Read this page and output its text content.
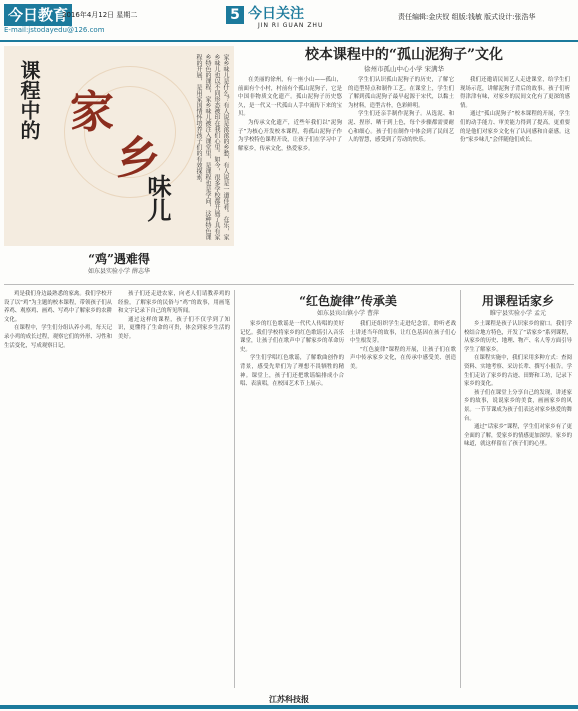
今日教育
2016年4月12日 星期二
E-mail:jstodayedu@126.com
5 今日关注
JIN RI GUAN ZHU
责任编辑:金庆钗 组版:钱敏 版式设计:张浩华
课程中的 家
乡
味儿	家乡味儿是什么？有人说是浓浓的乡愁，有人说是一道佳肴。在乐，家乡味儿也以不同形态被印在我们心里。如今，很多学校都开展了具有家乡特色的课程，家乡味儿被注入课堂里，是课程也是学问，这种特色课程的开展，是用家国情怀培养孩子们的有效探索。	校本课程中的“孤山泥狗子”文化
徐州市孤山中心小学 宋满华

在美丽的徐州，有一座小山——孤山，前面有个小村，村前有个孤山泥狗子，它是中国非物质文化遗产。孤山泥狗子历史悠久，是一代又一代孤山人手中流传下来的宝贝。

为传承文化遗产，近些年我们以“泥狗子”为核心开发校本课程，将孤山泥狗子作为学校特色课程开设，让孩子们在学习中了解家乡，传承文化，热爱家乡。

学生们认识孤山泥狗子的历史，了解它的造型特点和制作工艺。在课堂上，学生们了解到孤山泥狗子最早起源于宋代，以黏土为材料，造型古朴，色彩鲜明。

学生们还亲手制作泥狗子。从选泥、和泥、捏形、晒干到上色，每个步骤都需要耐心和细心。孩子们在制作中体会到了民间艺人的智慧，感受到了劳动的快乐。

我们还邀请民间艺人走进课堂，给学生们现场示范，讲解泥狗子背后的故事。孩子们听得津津有味，对家乡的民间文化有了更深的感情。

通过“孤山泥狗子”校本课程的开展，学生们的动手能力、审美能力得到了提高，更重要的是他们对家乡文化有了认同感和自豪感。这份“家乡味儿”会伴随他们成长。

“鸡”遇难得
如东县实验小学 薛志华

鸡是我们身边最熟悉的家禽。我们学校开设了以“鸡”为主题的校本课程，带领孩子们从养鸡、观察鸡、画鸡、写鸡中了解家乡的农耕文化。

在课程中，学生们分组认养小鸡，每天记录小鸡的成长过程，观察它们的外形、习性和生活变化，写成观察日记。

孩子们还走进农家，向老人们请教养鸡的经验，了解家乡的民俗与“鸡”的故事，用画笔和文字记录下自己的所见所闻。

通过这样的课程，孩子们不仅学到了知识，更懂得了生命的可贵，体会到家乡生活的美好。

“红色旋律”传承美
如东县宾山镇小学 曹萍

家乡的红色歌谣是一代代人传唱的美好记忆。我们学校将家乡的红色歌谣引入音乐课堂，让孩子们在歌声中了解家乡的革命历史。

学生们学唱红色歌谣，了解歌曲创作的背景，感受先辈们为了理想不畏牺牲的精神。课堂上，孩子们还把歌谣编排成小合唱、表演唱，在校园艺术节上展示。

我们还组织学生走进纪念馆，聆听老战士讲述当年的故事，让红色基因在孩子们心中生根发芽。

“红色旋律”课程的开展，让孩子们在歌声中传承家乡文化，在传承中感受美、创造美。

用课程话家乡
睢宁县实验小学 孟元

乡土课程是孩子认识家乡的窗口。我们学校结合地方特色，开发了“话家乡”系列课程，从家乡的历史、地理、物产、名人等方面引导学生了解家乡。

在课程实施中，我们采用多种方式：查阅资料、实地考察、采访长辈、撰写小报告。学生们走访了家乡的古迹、田野和工坊，记录下家乡的变化。

孩子们在课堂上分享自己的发现，讲述家乡的故事，说说家乡的美食，画画家乡的风景。一节节课成为孩子们表达对家乡热爱的舞台。

通过“话家乡”课程，学生们对家乡有了更全面的了解，爱家乡的情感更加深厚。家乡的味道，就这样留在了孩子们的心里。

江苏科技报
